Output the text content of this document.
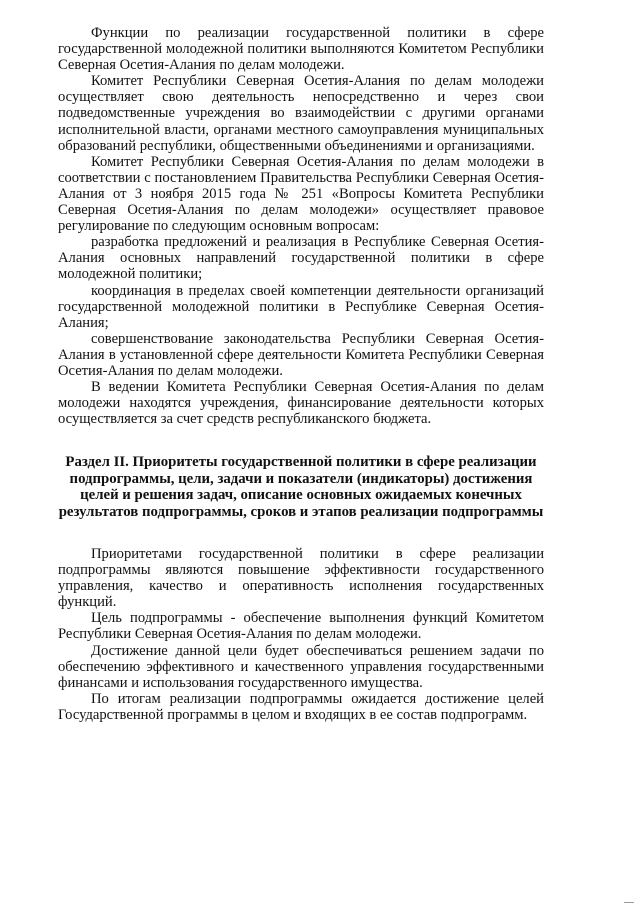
Функции по реализации государственной политики в сфере государственной молодежной политики выполняются Комитетом Республики Северная Осетия-Алания по делам молодежи.

Комитет Республики Северная Осетия-Алания по делам молодежи осуществляет свою деятельность непосредственно и через свои подведомственные учреждения во взаимодействии с другими органами исполнительной власти, органами местного самоуправления муниципальных образований республики, общественными объединениями и организациями.

Комитет Республики Северная Осетия-Алания по делам молодежи в соответствии с постановлением Правительства Республики Северная Осетия-Алания от 3 ноября 2015 года № 251 «Вопросы Комитета Республики Северная Осетия-Алания по делам молодежи» осуществляет правовое регулирование по следующим основным вопросам:

разработка предложений и реализация в Республике Северная Осетия-Алания основных направлений государственной политики в сфере молодежной политики;

координация в пределах своей компетенции деятельности организаций государственной молодежной политики в Республике Северная Осетия-Алания;

совершенствование законодательства Республики Северная Осетия-Алания в установленной сфере деятельности Комитета Республики Северная Осетия-Алания по делам молодежи.

В ведении Комитета Республики Северная Осетия-Алания по делам молодежи находятся учреждения, финансирование деятельности которых осуществляется за счет средств республиканского бюджета.

Раздел II. Приоритеты государственной политики в сфере реализации подпрограммы, цели, задачи и показатели (индикаторы) достижения целей и решения задач, описание основных ожидаемых конечных результатов подпрограммы, сроков и этапов реализации подпрограммы

Приоритетами государственной политики в сфере реализации подпрограммы являются повышение эффективности государственного управления, качество и оперативность исполнения государственных функций.

Цель подпрограммы - обеспечение выполнения функций Комитетом Республики Северная Осетия-Алания по делам молодежи.

Достижение данной цели будет обеспечиваться решением задачи по обеспечению эффективного и качественного управления государственными финансами и использования государственного имущества.

По итогам реализации подпрограммы ожидается достижение целей Государственной программы в целом и входящих в ее состав подпрограмм.
